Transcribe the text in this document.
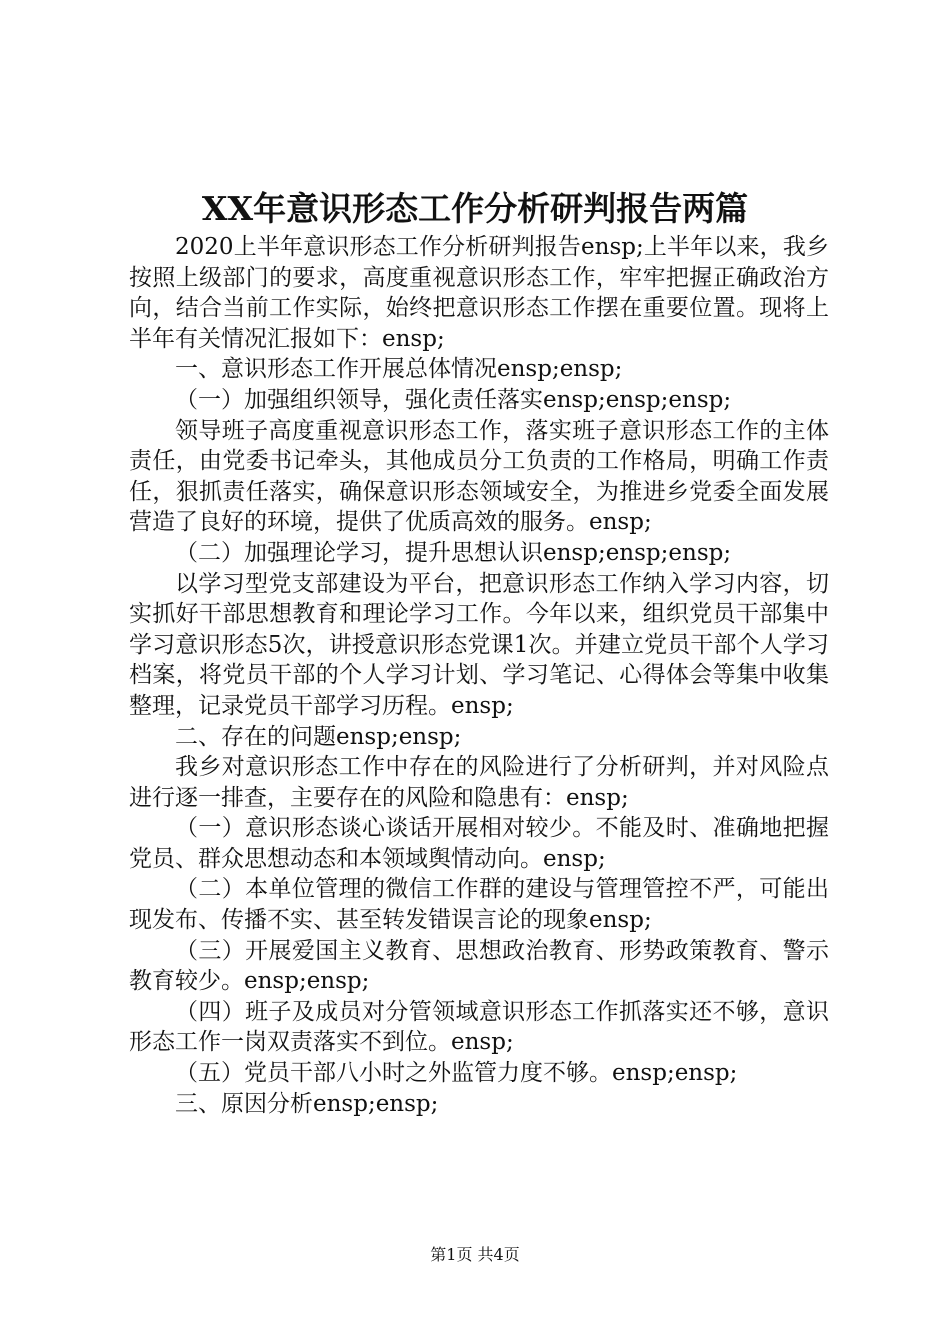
XX年意识形态工作分析研判报告两篇

2020上半年意识形态工作分析研判报告ensp;上半年以来，我乡按照上级部门的要求，高度重视意识形态工作，牢牢把握正确政治方向，结合当前工作实际，始终把意识形态工作摆在重要位置。现将上半年有关情况汇报如下：ensp;

一、意识形态工作开展总体情况ensp;ensp;

（一）加强组织领导，强化责任落实ensp;ensp;ensp;

领导班子高度重视意识形态工作，落实班子意识形态工作的主体责任，由党委书记牵头，其他成员分工负责的工作格局，明确工作责任，狠抓责任落实，确保意识形态领域安全，为推进乡党委全面发展营造了良好的环境，提供了优质高效的服务。ensp;

（二）加强理论学习，提升思想认识ensp;ensp;ensp;

以学习型党支部建设为平台，把意识形态工作纳入学习内容，切实抓好干部思想教育和理论学习工作。今年以来，组织党员干部集中学习意识形态5次，讲授意识形态党课1次。并建立党员干部个人学习档案，将党员干部的个人学习计划、学习笔记、心得体会等集中收集整理，记录党员干部学习历程。ensp;

二、存在的问题ensp;ensp;

我乡对意识形态工作中存在的风险进行了分析研判，并对风险点进行逐一排查，主要存在的风险和隐患有：ensp;

（一）意识形态谈心谈话开展相对较少。不能及时、准确地把握党员、群众思想动态和本领域舆情动向。ensp;

（二）本单位管理的微信工作群的建设与管理管控不严，可能出现发布、传播不实、甚至转发错误言论的现象ensp;

（三）开展爱国主义教育、思想政治教育、形势政策教育、警示教育较少。ensp;ensp;

（四）班子及成员对分管领域意识形态工作抓落实还不够，意识形态工作一岗双责落实不到位。ensp;

（五）党员干部八小时之外监管力度不够。ensp;ensp;

三、原因分析ensp;ensp;

第1页 共4页
